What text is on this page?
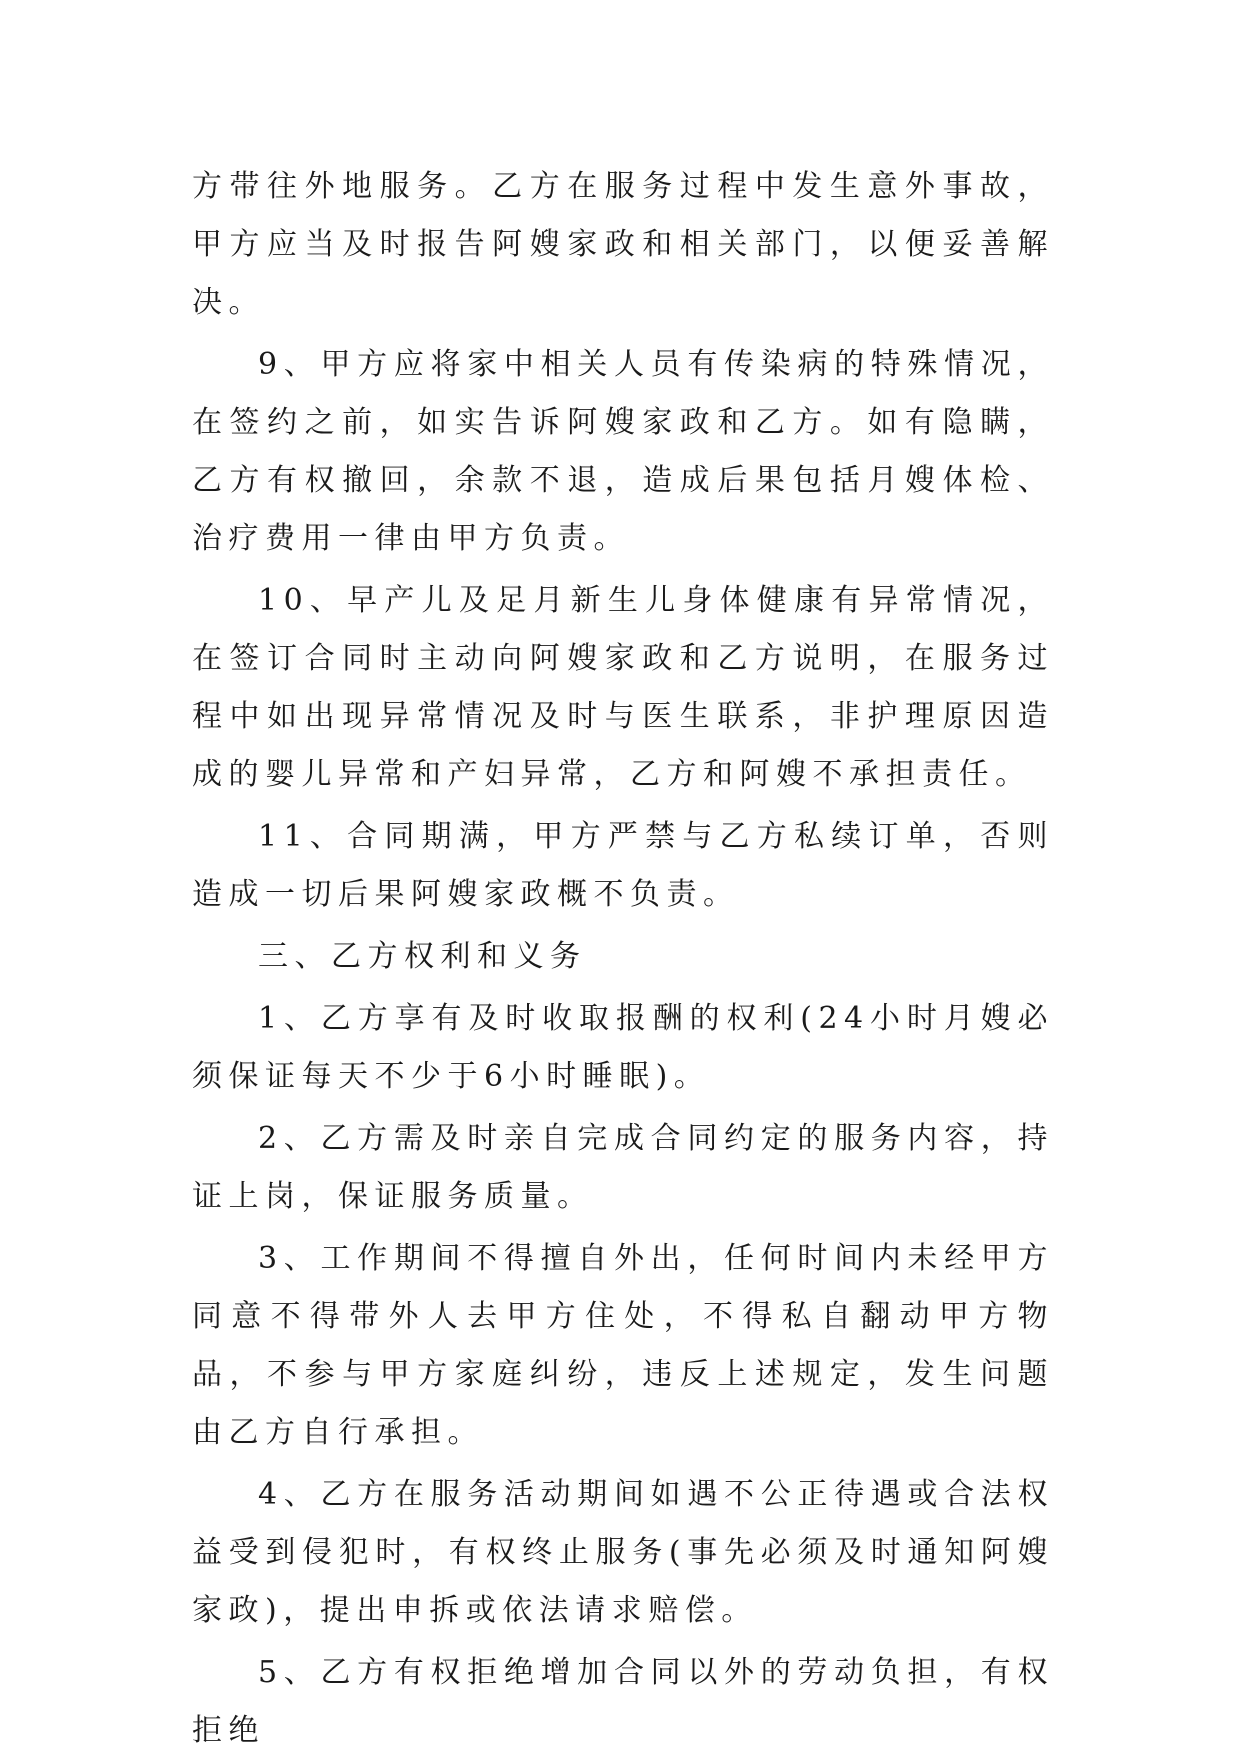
方带往外地服务。乙方在服务过程中发生意外事故，甲方应当及时报告阿嫂家政和相关部门，以便妥善解决。

9、甲方应将家中相关人员有传染病的特殊情况，在签约之前，如实告诉阿嫂家政和乙方。如有隐瞒，乙方有权撤回，余款不退，造成后果包括月嫂体检、治疗费用一律由甲方负责。

10、早产儿及足月新生儿身体健康有异常情况，在签订合同时主动向阿嫂家政和乙方说明，在服务过程中如出现异常情况及时与医生联系，非护理原因造成的婴儿异常和产妇异常，乙方和阿嫂不承担责任。

11、合同期满，甲方严禁与乙方私续订单，否则造成一切后果阿嫂家政概不负责。

三、乙方权利和义务

1、乙方享有及时收取报酬的权利(24小时月嫂必须保证每天不少于6小时睡眠)。

2、乙方需及时亲自完成合同约定的服务内容，持证上岗，保证服务质量。

3、工作期间不得擅自外出，任何时间内未经甲方同意不得带外人去甲方住处，不得私自翻动甲方物品，不参与甲方家庭纠纷，违反上述规定，发生问题由乙方自行承担。

4、乙方在服务活动期间如遇不公正待遇或合法权益受到侵犯时，有权终止服务(事先必须及时通知阿嫂家政)，提出申拆或依法请求赔偿。

5、乙方有权拒绝增加合同以外的劳动负担，有权拒绝
